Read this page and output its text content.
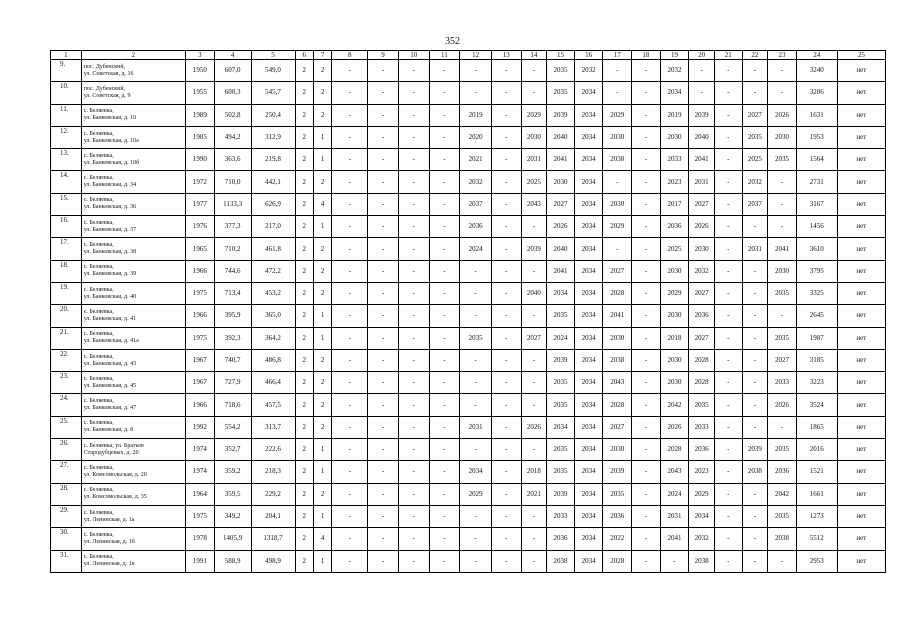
352
1	2	3	4	5	6	7	8	9	10	11	12	13	14	15	16	17	18	19	20	21	22	23	24	25
9.	пос. Дубенский,
ул. Советская, д. 16	1950	607,0	549,0	2	2	-	-	-	-	-	-	-	2035	2032	-	-	2032	-	-	-	-	3240	нет
10.	пос. Дубенский,
ул. Советская, д. 9	1955	600,3	545,7	2	2	-	-	-	-	-	-	-	2035	2034	-	-	2034	-	-	-	-	3206	нет
11.	с. Беляевка,
ул. Банковская, д. 10	1989	502,8	250,4	2	2	-	-	-	-	2019	-	2029	2039	2034	2029	-	2019	2039	-	2027	2026	1631	нет
12.	с. Беляевка,
ул. Банковская, д. 10а	1985	494,2	312,9	2	1	-	-	-	-	2020	-	2030	2040	2034	2030	-	2030	2040	-	2035	2030	1953	нет
13.	с. Беляевка,
ул. Банковская, д. 10б	1990	363,6	219,8	2	1	-	-	-	-	2021	-	2031	2041	2034	2038	-	2033	2041	-	2025	2035	1564	нет
14.	с. Беляевка,
ул. Банковская, д. 34	1972	710,0	442,1	2	2	-	-	-	-	2032	-	2025	2030	2034	-	-	2023	2031	-	2032	-	2731	нет
15.	с. Беляевка,
ул. Банковская, д. 36	1977	1133,3	626,9	2	4	-	-	-	-	2037	-	2043	2027	2034	2030	-	2017	2027	-	2037	-	3167	нет
16.	с. Беляевка,
ул. Банковская, д. 37	1976	377,3	217,0	2	1	-	-	-	-	2036	-	-	2026	2034	2029	-	2036	2026	-	-	-	1456	нет
17.	с. Беляевка,
ул. Банковская, д. 38	1965	710,2	461,8	2	2	-	-	-	-	2024	-	2039	2040	2034	-	-	2025	2030	-	2031	2041	3610	нет
18.	с. Беляевка,
ул. Банковская, д. 39	1966	744,6	472,2	2	2	-	-	-	-	-	-	-	2041	2034	2027	-	2030	2032	-	-	2030	3795	нет
19.	с. Беляевка,
ул. Банковская, д. 40	1975	713,4	453,2	2	2	-	-	-	-	-	-	2040	2034	2034	2028	-	2029	2027	-	-	2035	3325	нет
20.	с. Беляевка,
ул. Банковская, д. 41	1966	395,9	365,0	2	1	-	-	-	-	-	-	-	2035	2034	2041	-	2030	2036	-	-	-	2645	нет
21.	с. Беляевка,
ул. Банковская, д. 41а	1975	392,3	364,2	2	1	-	-	-	-	2035	-	2027	2024	2034	2030	-	2018	2027	-	-	2035	1987	нет
22.	с. Беляевка,
ул. Банковская, д. 43	1967	740,7	486,8	2	2	-	-	-	-	-	-	-	2039	2034	2038	-	2030	2028	-	-	2027	3185	нет
23.	с. Беляевка,
ул. Банковская, д. 45	1967	727,9	466,4	2	2	-	-	-	-	-	-	-	2035	2034	2043	-	2030	2028	-	-	2033	3223	нет
24.	с. Беляевка,
ул. Банковская, д. 47	1966	718,6	457,5	2	2	-	-	-	-	-	-	-	2035	2034	2028	-	2042	2035	-	-	2026	3524	нет
25.	с. Беляевка,
ул. Банковская, д. 8	1992	554,2	313,7	2	2	-	-	-	-	2031	-	2026	2034	2034	2027	-	2026	2033	-	-	-	1865	нет
26.	с. Беляевка, ул. Братьев
Стародубцевых, д. 20	1974	352,7	222,6	2	1	-	-	-	-	-	-	-	2035	2034	2030	-	2028	2036	-	2039	2035	2016	нет
27.	с. Беляевка,
ул. Комсомольская, д. 20	1974	359,2	218,3	2	1	-	-	-	-	2034	-	2018	2035	2034	2039	-	2043	2023	-	2038	2036	1521	нет
28.	с. Беляевка,
ул. Комсомольская, д. 35	1964	359,5	229,2	2	2	-	-	-	-	2029	-	2021	2039	2034	2035	-	2024	2029	-	-	2042	1661	нет
29.	с. Беляевка,
ул. Ленинская, д. 1а	1975	349,2	204,1	2	1	-	-	-	-	-	-	-	2033	2034	2036	-	2031	2034	-	-	2035	1273	нет
30.	с. Беляевка,
ул. Ленинская, д. 1б	1978	1405,9	1318,7	2	4	-	-	-	-	-	-	-	2036	2034	2022	-	2041	2032	-	-	2038	5512	нет
31.	с. Беляевка,
ул. Ленинская, д. 1в	1991	588,9	498,9	2	1	-	-	-	-	-	-	-	2038	2034	2028	-	-	2038	-	-	-	2953	нет
